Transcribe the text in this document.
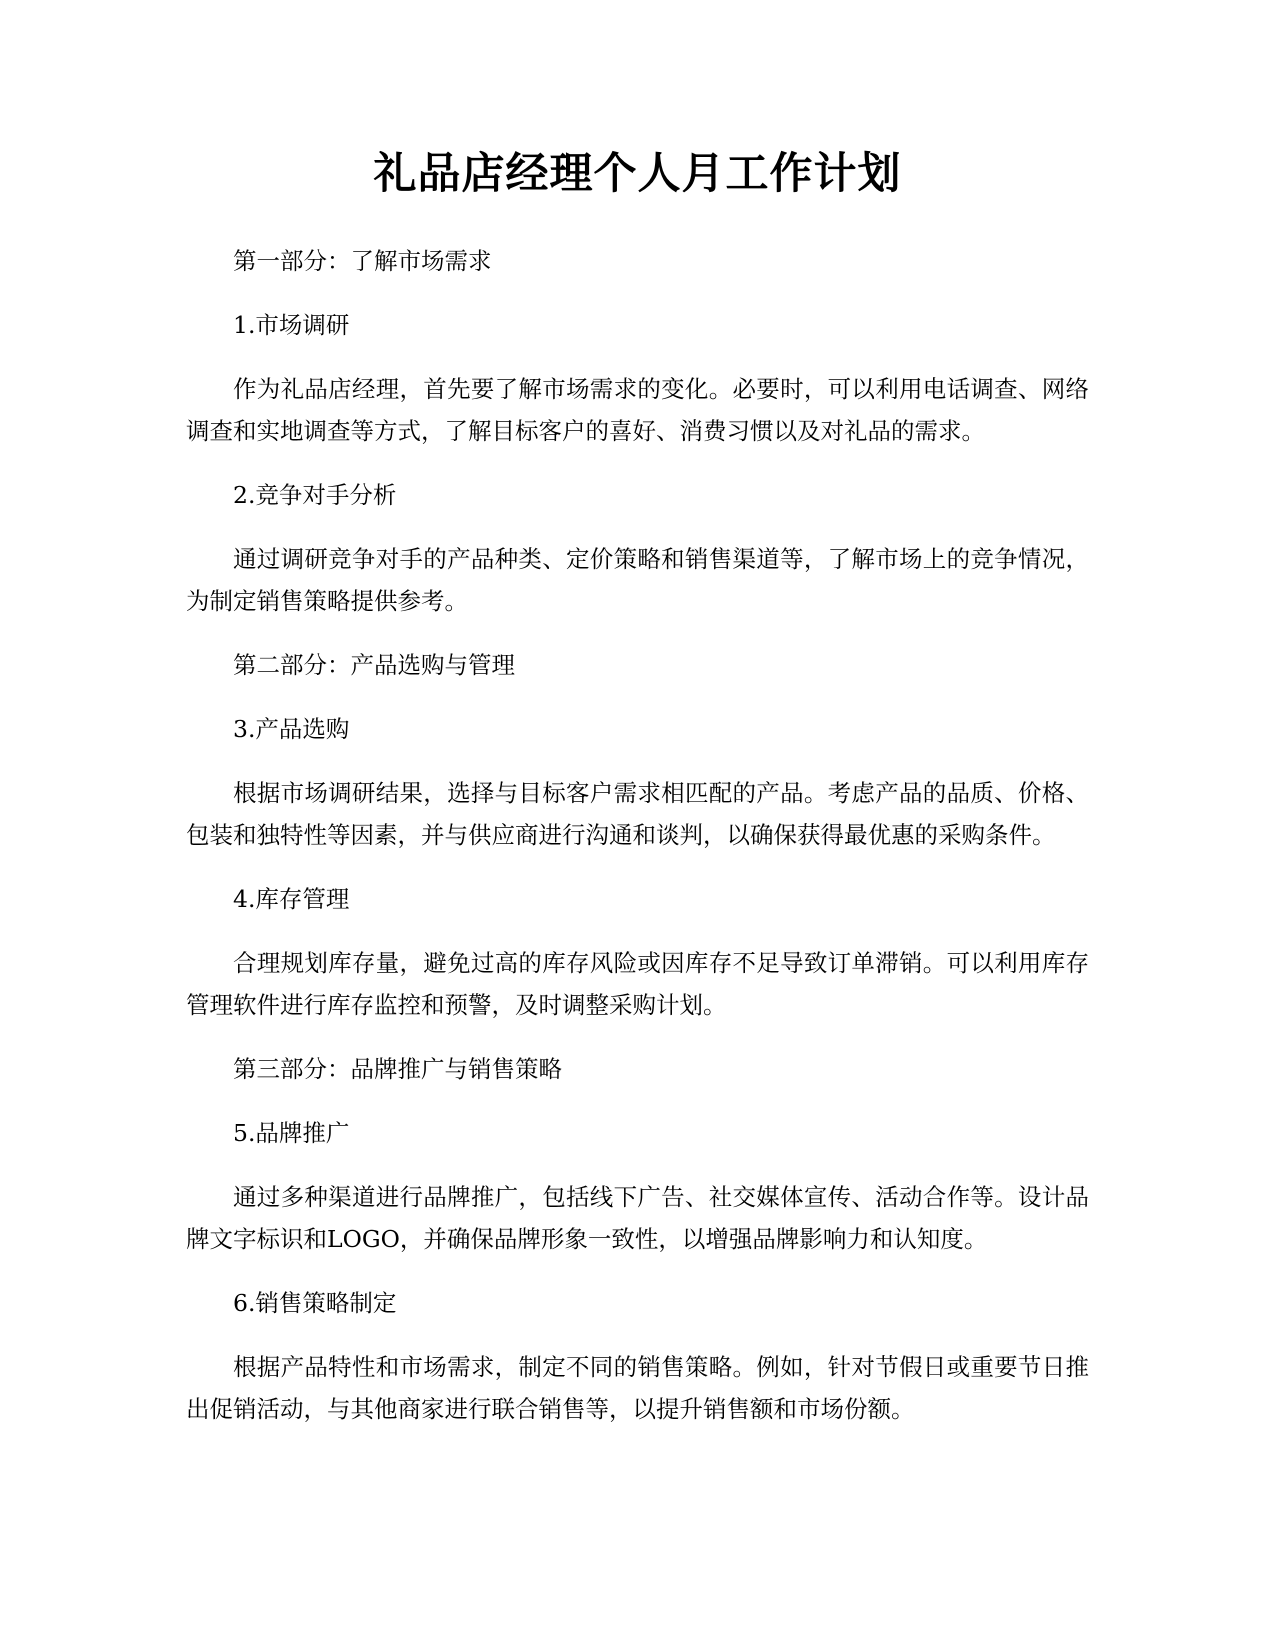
礼品店经理个人月工作计划

第一部分：了解市场需求

1.市场调研

作为礼品店经理，首先要了解市场需求的变化。必要时，可以利用电话调查、网络调查和实地调查等方式，了解目标客户的喜好、消费习惯以及对礼品的需求。

2.竞争对手分析

通过调研竞争对手的产品种类、定价策略和销售渠道等，了解市场上的竞争情况，为制定销售策略提供参考。

第二部分：产品选购与管理

3.产品选购

根据市场调研结果，选择与目标客户需求相匹配的产品。考虑产品的品质、价格、包装和独特性等因素，并与供应商进行沟通和谈判，以确保获得最优惠的采购条件。

4.库存管理

合理规划库存量，避免过高的库存风险或因库存不足导致订单滞销。可以利用库存管理软件进行库存监控和预警，及时调整采购计划。

第三部分：品牌推广与销售策略

5.品牌推广

通过多种渠道进行品牌推广，包括线下广告、社交媒体宣传、活动合作等。设计品牌文字标识和LOGO，并确保品牌形象一致性，以增强品牌影响力和认知度。

6.销售策略制定

根据产品特性和市场需求，制定不同的销售策略。例如，针对节假日或重要节日推出促销活动，与其他商家进行联合销售等，以提升销售额和市场份额。
